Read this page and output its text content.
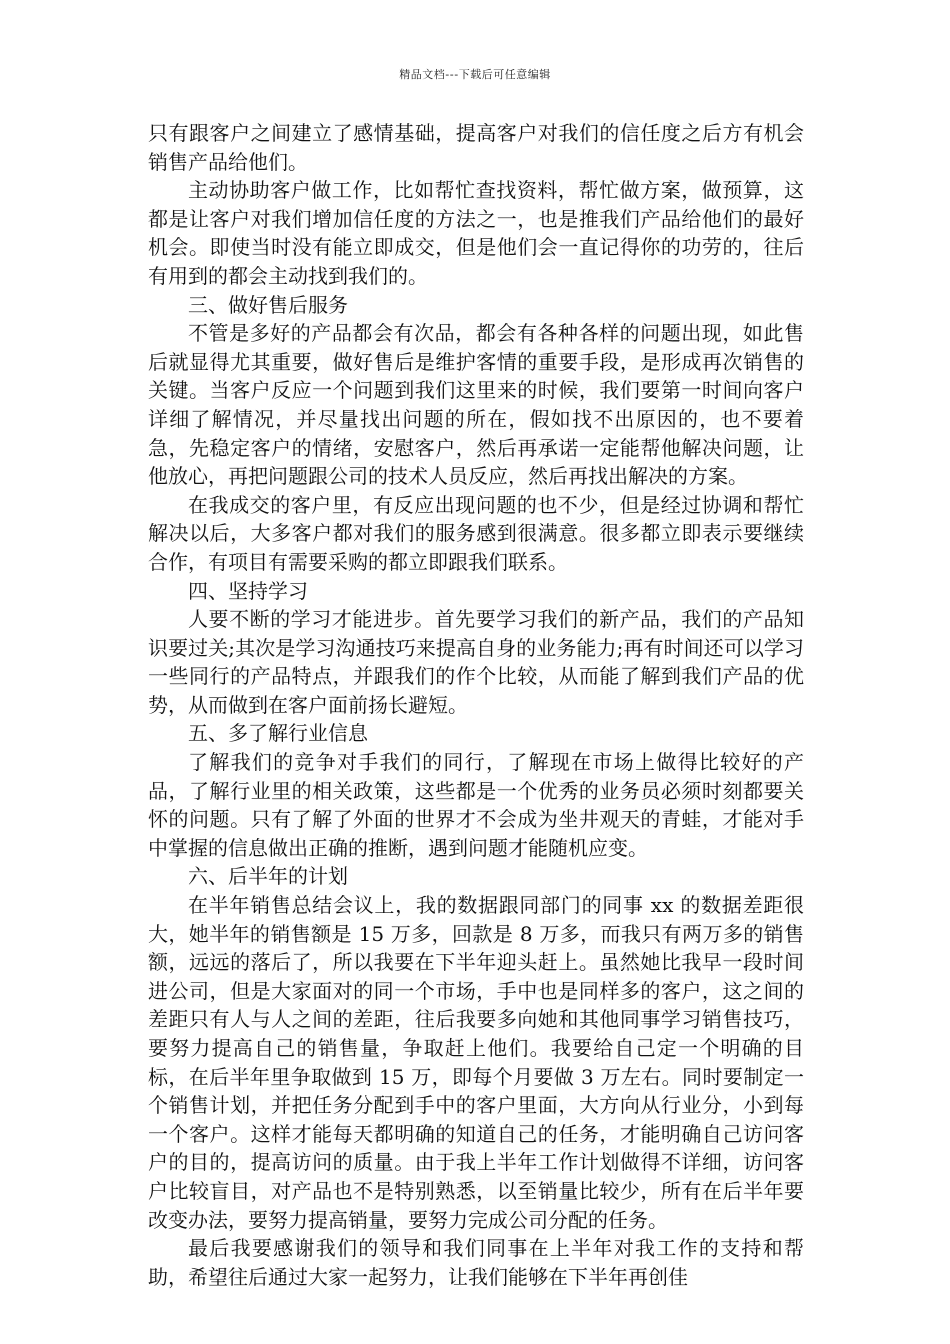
精品文档---下载后可任意编辑

只有跟客户之间建立了感情基础，提高客户对我们的信任度之后方有机会销售产品给他们。

主动协助客户做工作，比如帮忙查找资料，帮忙做方案，做预算，这都是让客户对我们增加信任度的方法之一，也是推我们产品给他们的最好机会。即使当时没有能立即成交，但是他们会一直记得你的功劳的，往后有用到的都会主动找到我们的。

三、做好售后服务

不管是多好的产品都会有次品，都会有各种各样的问题出现，如此售后就显得尤其重要，做好售后是维护客情的重要手段，是形成再次销售的关键。当客户反应一个问题到我们这里来的时候，我们要第一时间向客户详细了解情况，并尽量找出问题的所在，假如找不出原因的，也不要着急，先稳定客户的情绪，安慰客户，然后再承诺一定能帮他解决问题，让他放心，再把问题跟公司的技术人员反应，然后再找出解决的方案。

在我成交的客户里，有反应出现问题的也不少，但是经过协调和帮忙解决以后，大多客户都对我们的服务感到很满意。很多都立即表示要继续合作，有项目有需要采购的都立即跟我们联系。

四、坚持学习

人要不断的学习才能进步。首先要学习我们的新产品，我们的产品知识要过关;其次是学习沟通技巧来提高自身的业务能力;再有时间还可以学习一些同行的产品特点，并跟我们的作个比较，从而能了解到我们产品的优势，从而做到在客户面前扬长避短。

五、多了解行业信息

了解我们的竞争对手我们的同行，了解现在市场上做得比较好的产品，了解行业里的相关政策，这些都是一个优秀的业务员必须时刻都要关怀的问题。只有了解了外面的世界才不会成为坐井观天的青蛙，才能对手中掌握的信息做出正确的推断，遇到问题才能随机应变。

六、后半年的计划

在半年销售总结会议上，我的数据跟同部门的同事 xx 的数据差距很大，她半年的销售额是 15 万多，回款是 8 万多，而我只有两万多的销售额，远远的落后了，所以我要在下半年迎头赶上。虽然她比我早一段时间进公司，但是大家面对的同一个市场，手中也是同样多的客户，这之间的差距只有人与人之间的差距，往后我要多向她和其他同事学习销售技巧，要努力提高自己的销售量，争取赶上他们。我要给自己定一个明确的目标，在后半年里争取做到 15 万，即每个月要做 3 万左右。同时要制定一个销售计划，并把任务分配到手中的客户里面，大方向从行业分，小到每一个客户。这样才能每天都明确的知道自己的任务，才能明确自己访问客户的目的，提高访问的质量。由于我上半年工作计划做得不详细，访问客户比较盲目，对产品也不是特别熟悉，以至销量比较少，所有在后半年要改变办法，要努力提高销量，要努力完成公司分配的任务。

最后我要感谢我们的领导和我们同事在上半年对我工作的支持和帮助，希望往后通过大家一起努力，让我们能够在下半年再创佳
